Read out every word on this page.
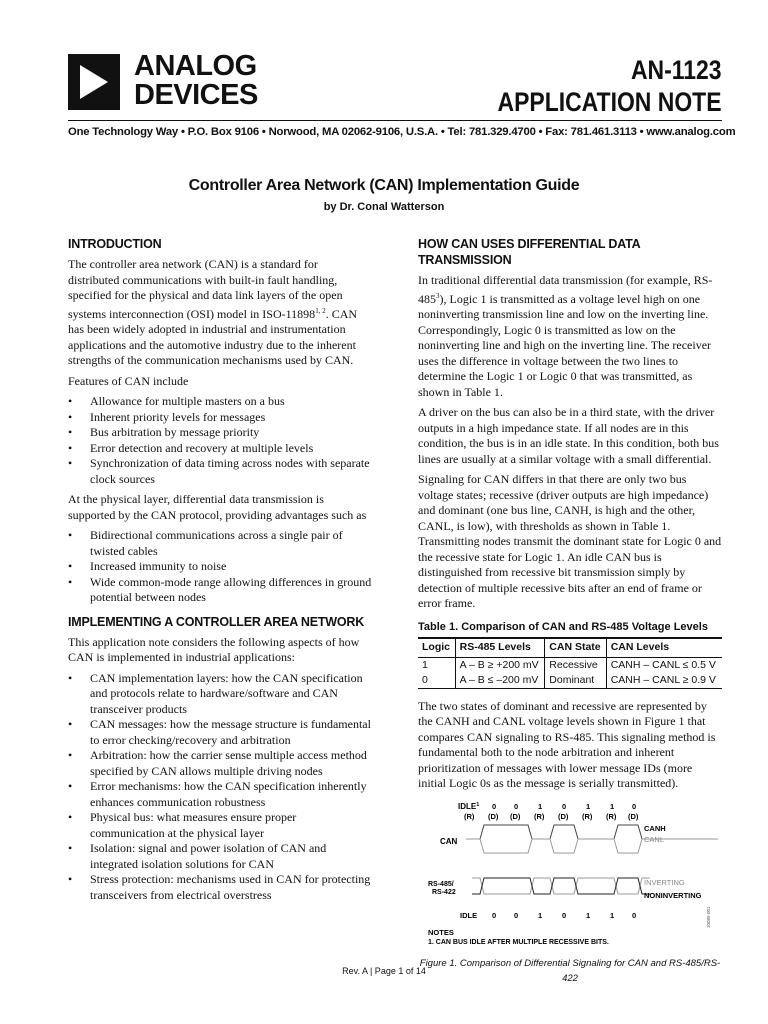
ANALOG
DEVICES
AN-1123
APPLICATION NOTE
One Technology Way • P.O. Box 9106 • Norwood, MA 02062-9106, U.S.A. • Tel: 781.329.4700 • Fax: 781.461.3113 • www.analog.com
Controller Area Network (CAN) Implementation Guide
by Dr. Conal Watterson
INTRODUCTION

The controller area network (CAN) is a standard for distributed communications with built-in fault handling, specified for the physical and data link layers of the open systems interconnection (OSI) model in ISO-11898$^{1, 2}$. CAN has been widely adopted in industrial and instrumentation applications and the automotive industry due to the inherent strengths of the communication mechanisms used by CAN.

Features of CAN include

• Allowance for multiple masters on a bus
• Inherent priority levels for messages
• Bus arbitration by message priority
• Error detection and recovery at multiple levels
• Synchronization of data timing across nodes with separate clock sources

At the physical layer, differential data transmission is supported by the CAN protocol, providing advantages such as

• Bidirectional communications across a single pair of twisted cables
• Increased immunity to noise
• Wide common-mode range allowing differences in ground potential between nodes
IMPLEMENTING A CONTROLLER AREA NETWORK

This application note considers the following aspects of how CAN is implemented in industrial applications:

• CAN implementation layers: how the CAN specification and protocols relate to hardware/software and CAN transceiver products
• CAN messages: how the message structure is fundamental to error checking/recovery and arbitration
• Arbitration: how the carrier sense multiple access method specified by CAN allows multiple driving nodes
• Error mechanisms: how the CAN specification inherently enhances communication robustness
• Physical bus: what measures ensure proper communication at the physical layer
• Isolation: signal and power isolation of CAN and integrated isolation solutions for CAN
• Stress protection: mechanisms used in CAN for protecting transceivers from electrical overstress
HOW CAN USES DIFFERENTIAL DATA TRANSMISSION

In traditional differential data transmission (for example, $RS-485^3$), Logic 1 is transmitted as a voltage level high on one noninverting transmission line and low on the inverting line. Correspondingly, Logic 0 is transmitted as low on the noninverting line and high on the inverting line. The receiver uses the difference in voltage between the two lines to determine the Logic 1 or Logic 0 that was transmitted, as shown in Table 1.

A driver on the bus can also be in a third state, with the driver outputs in a high impedance state. If all nodes are in this condition, the bus is in an idle state. In this condition, both bus lines are usually at a similar voltage with a small differential.

Signaling for CAN differs in that there are only two bus voltage states; recessive (driver outputs are high impedance) and dominant (one bus line, CANH, is high and the other, CANL, is low), with thresholds as shown in Table 1. Transmitting nodes transmit the dominant state for Logic 0 and the recessive state for Logic 1. An idle CAN bus is distinguished from recessive bit transmission simply by detection of multiple recessive bits after an end of frame or error frame.

Table 1. Comparison of CAN and RS-485 Voltage Levels
Logic	RS-485 Levels	CAN State	CAN Levels
1	A – B ≥ +200 mV	Recessive	CANH – CANL ≤ 0.5 V
0	A – B ≤ –200 mV	Dominant	CANH – CANL ≥ 0.9 V

The two states of dominant and recessive are represented by the CANH and CANL voltage levels shown in Figure 1 that compares CAN signaling to RS-485. This signaling method is fundamental both to the node arbitration and inherent prioritization of messages with lower message IDs (more initial Logic 0s as the message is serially transmitted).

IDLE$^1$
(R)
0 0	1	0	1	1 0
(D) (D) (R) (D) (R) (R) (D)
CAN
CANH
CANL
RS-485/
RS-422
INVERTING
NONINVERTING
IDLE 0 0	1	0	1	1 0
NOTES
1. CAN BUS IDLE AFTER MULTIPLE RECESSIVE BITS.
10085-001
Figure 1. Comparison of Differential Signaling for CAN and RS-485/RS-422
Rev. A | Page 1 of 14
